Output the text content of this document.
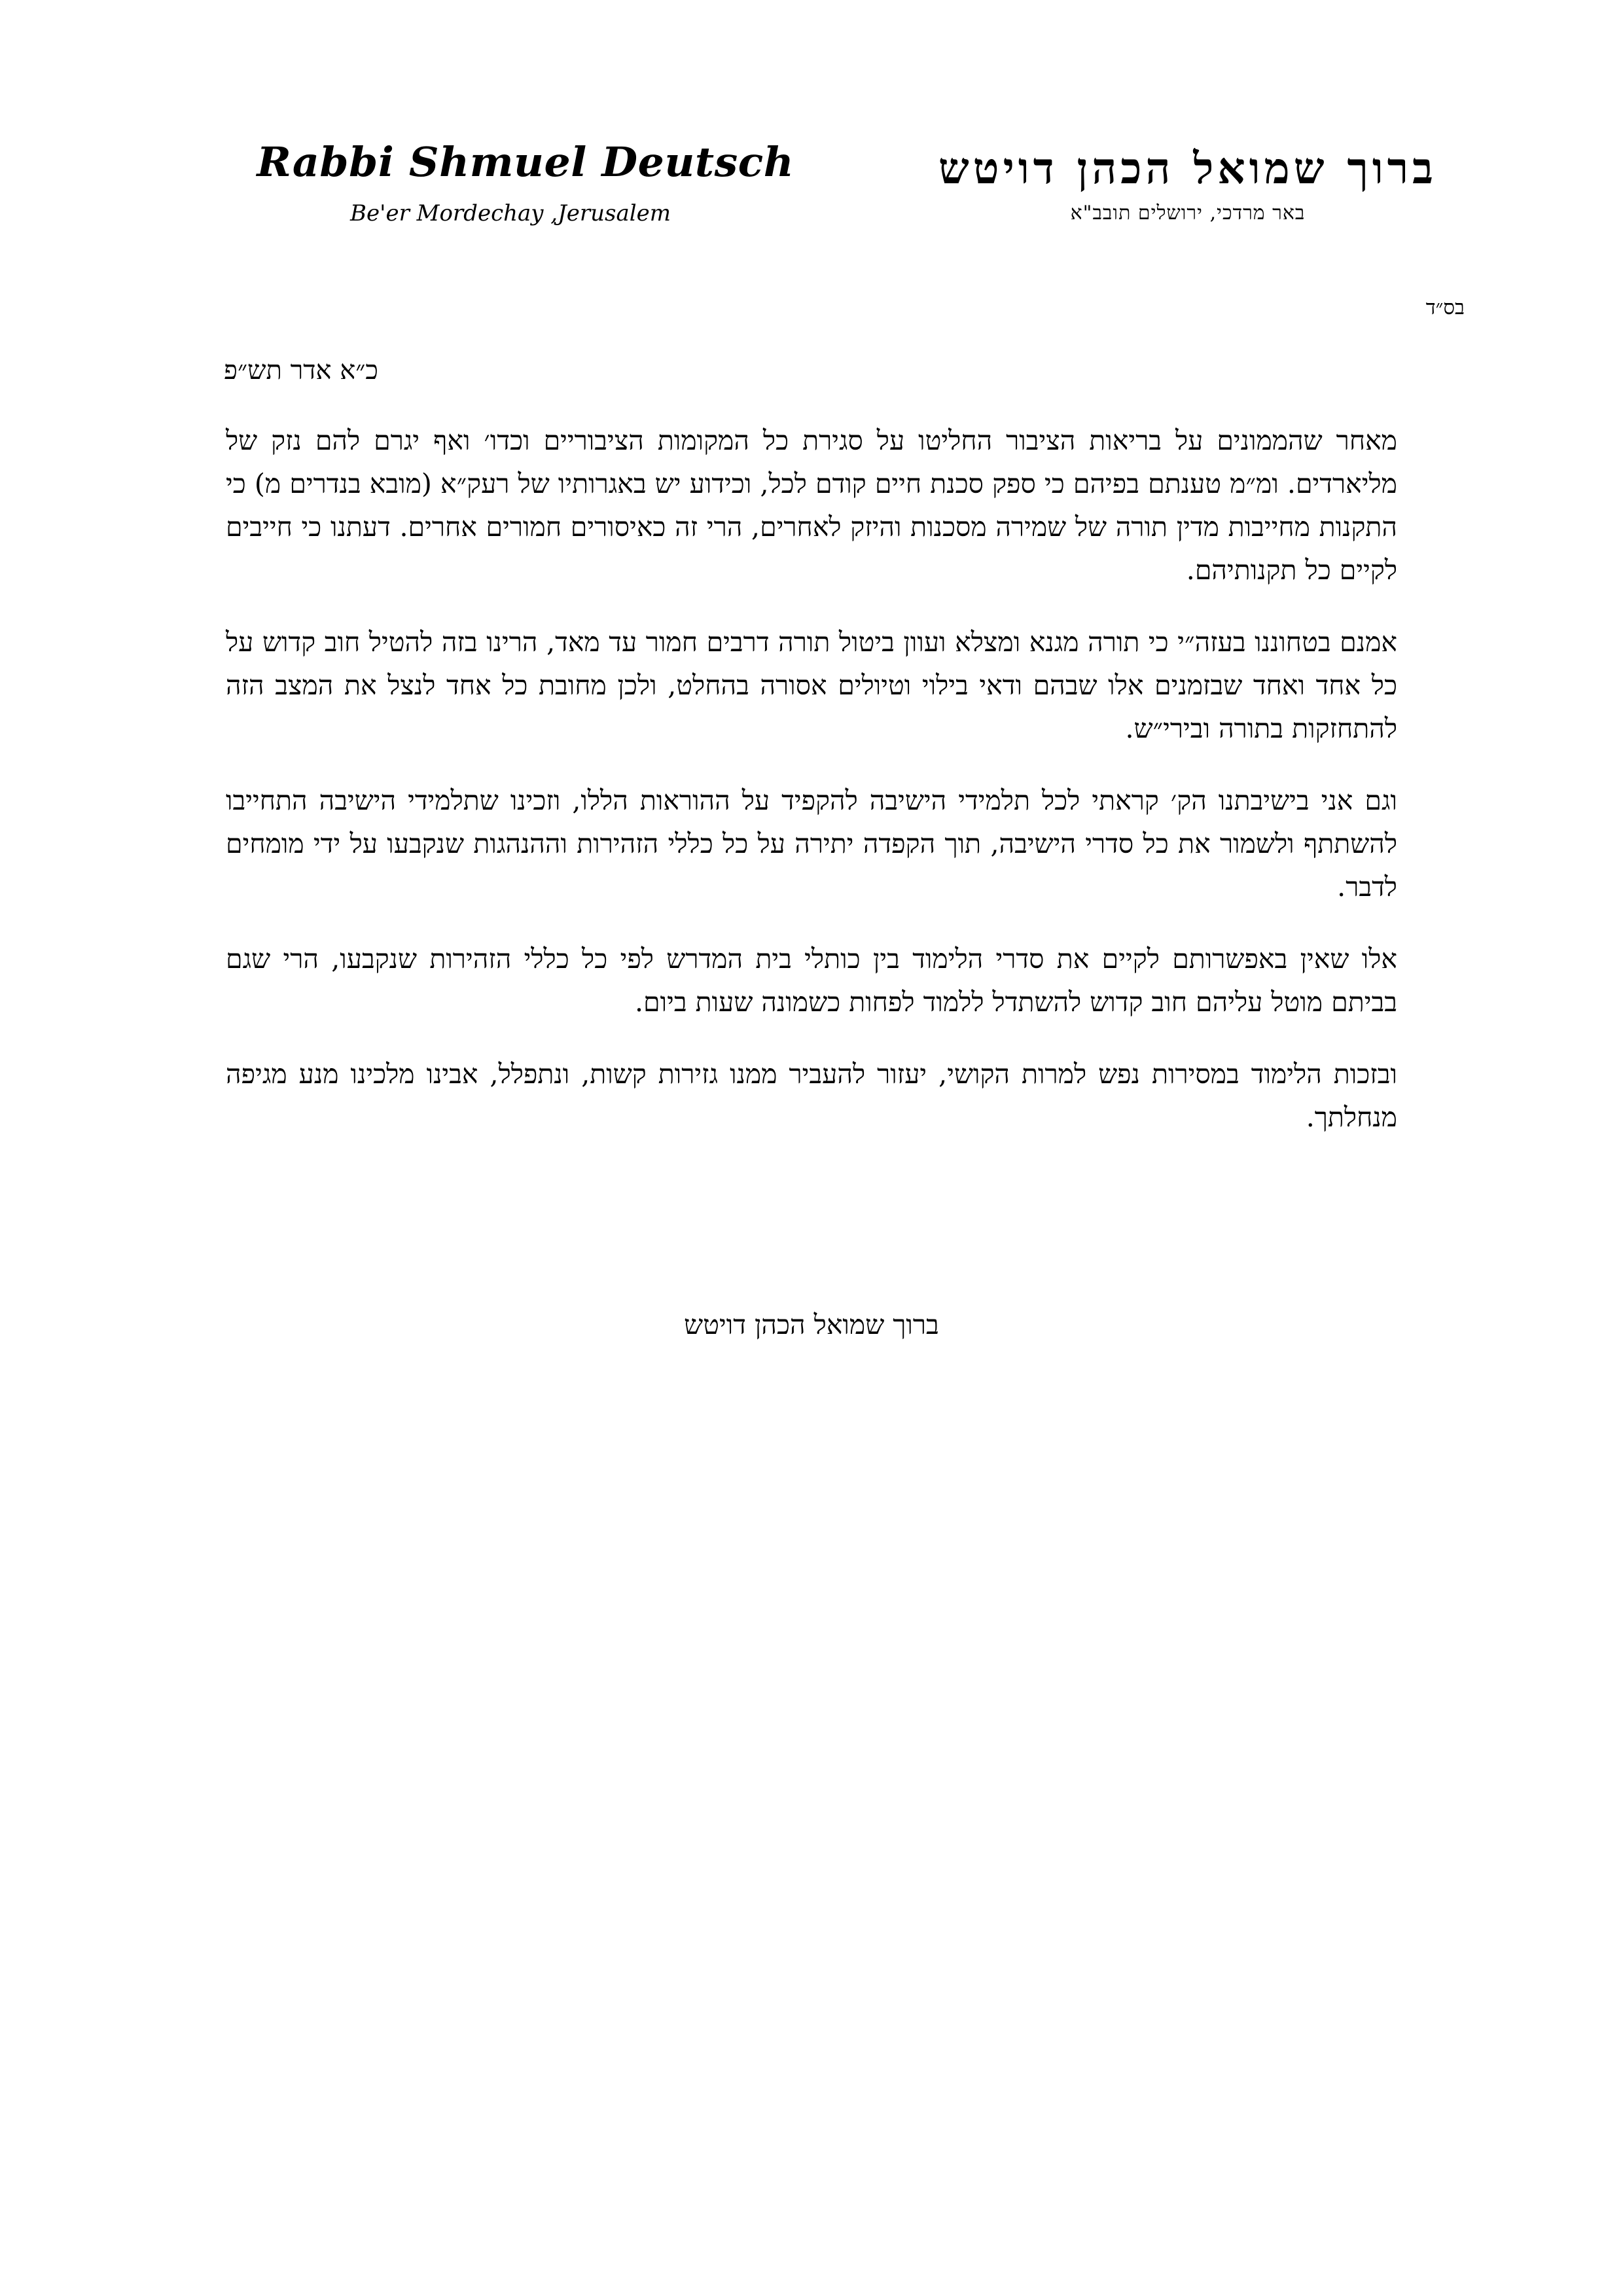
Rabbi Shmuel Deutsch
Be'er Mordechay ,Jerusalem
ברוך שמואל הכהן דויטש
באר מרדכי, ירושלים תובב"א
בס״ד
כ״א אדר תש״פ

מאחר שהממונים על בריאות הציבור החליטו על סגירת כל המקומות הציבוריים וכדו׳ ואף יגרם להם נזק של מליארדים. ומ״מ טענתם בפיהם כי ספק סכנת חיים קודם לכל, וכידוע יש באגרותיו של רעק״א (מובא בנדרים מ) כי התקנות מחייבות מדין תורה של שמירה מסכנות והיזק לאחרים, הרי זה כאיסורים חמורים אחרים. דעתנו כי חייבים לקיים כל תקנותיהם.

אמנם בטחוננו בעזה״י כי תורה מגנא ומצלא ועוון ביטול תורה דרבים חמור עד מאד, הרינו בזה להטיל חוב קדוש על כל אחד ואחד שבזמנים אלו שבהם ודאי בילוי וטיולים אסורה בהחלט, ולכן מחובת כל אחד לנצל את המצב הזה להתחזקות בתורה ובירי״ש.

וגם אני בישיבתנו הק׳ קראתי לכל תלמידי הישיבה להקפיד על ההוראות הללו, וזכינו שתלמידי הישיבה התחייבו להשתתף ולשמור את כל סדרי הישיבה, תוך הקפדה יתירה על כל כללי הזהירות וההנהגות שנקבעו על ידי מומחים לדבר.

אלו שאין באפשרותם לקיים את סדרי הלימוד בין כותלי בית המדרש לפי כל כללי הזהירות שנקבעו, הרי שגם בביתם מוטל עליהם חוב קדוש להשתדל ללמוד לפחות כשמונה שעות ביום.

ובזכות הלימוד במסירות נפש למרות הקושי, יעזור להעביר ממנו גזירות קשות, ונתפלל, אבינו מלכינו מנע מגיפה מנחלתך.

ברוך שמואל הכהן דויטש
